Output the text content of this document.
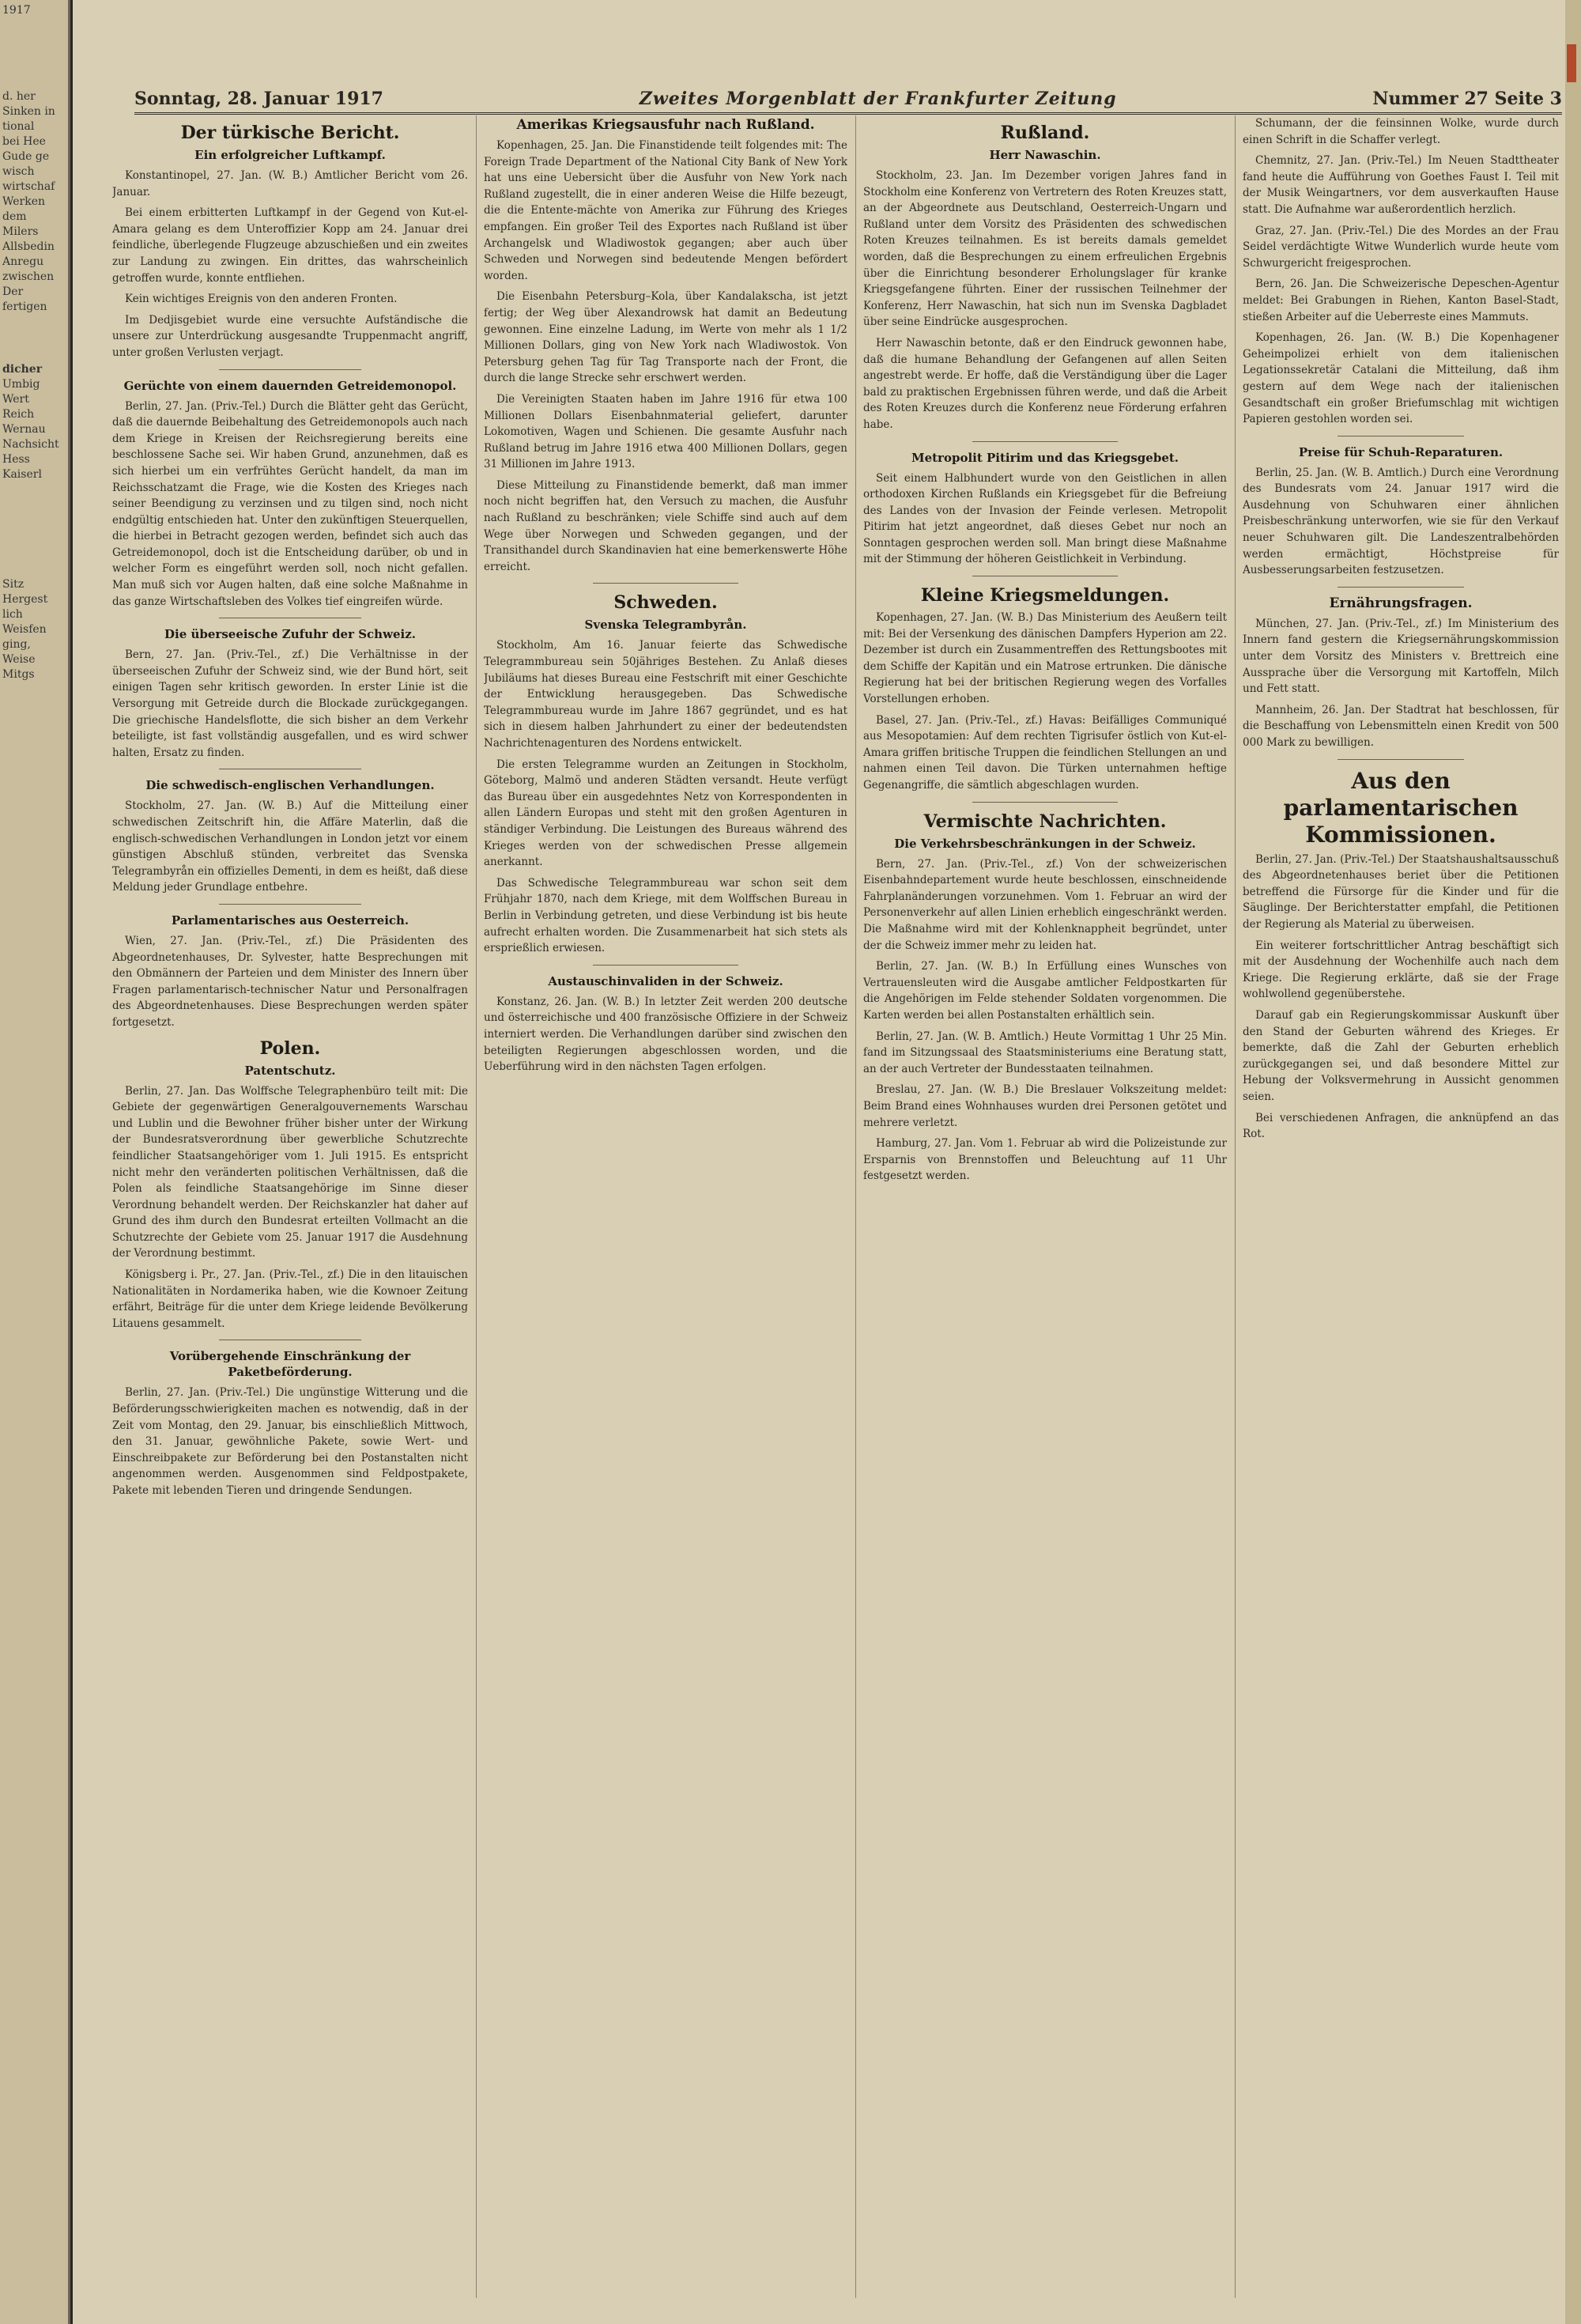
1917
d. her
Sinken in
tional
bei Hee
Gude ge
wisch
wirtschaf
Werken
dem
Milers
Allsbedin
Anregu
zwischen
Der
fertigen
dicher
Umbig
Wert
Reich
Wernau
Nachsicht
Hess
Kaiserl
Sitz
Hergest
lich
Weisfen
ging,
Weise
Mitgs
Sonntag, 28. Januar 1917	Zweites Morgenblatt der Frankfurter Zeitung	Nummer 27 Seite 3
Der türkische Bericht.
Ein erfolgreicher Luftkampf.

Konstantinopel, 27. Jan. (W. B.) Amtlicher Bericht vom 26. Januar.

Bei einem erbitterten Luftkampf in der Gegend von Kut-el-Amara gelang es dem Unteroffizier Kopp am 24. Januar drei feindliche, überlegende Flugzeuge abzuschießen und ein zweites zur Landung zu zwingen. Ein drittes, das wahrscheinlich getroffen wurde, konnte entfliehen.

Kein wichtiges Ereignis von den anderen Fronten.

Im Dedjisgebiet wurde eine versuchte Aufständische die unsere zur Unterdrückung ausgesandte Truppenmacht angriff, unter großen Verlusten verjagt.

Gerüchte von einem dauernden Getreidemonopol.

Berlin, 27. Jan. (Priv.-Tel.) Durch die Blätter geht das Gerücht, daß die dauernde Beibehaltung des Getreidemonopols auch nach dem Kriege in Kreisen der Reichsregierung bereits eine beschlossene Sache sei. Wir haben Grund, anzunehmen, daß es sich hierbei um ein verfrühtes Gerücht handelt, da man im Reichsschatzamt die Frage, wie die Kosten des Krieges nach seiner Beendigung zu verzinsen und zu tilgen sind, noch nicht endgültig entschieden hat. Unter den zukünftigen Steuerquellen, die hierbei in Betracht gezogen werden, befindet sich auch das Getreidemonopol, doch ist die Entscheidung darüber, ob und in welcher Form es eingeführt werden soll, noch nicht gefallen. Man muß sich vor Augen halten, daß eine solche Maßnahme in das ganze Wirtschaftsleben des Volkes tief eingreifen würde.

Die überseeische Zufuhr der Schweiz.

Bern, 27. Jan. (Priv.-Tel., zf.) Die Verhältnisse in der überseeischen Zufuhr der Schweiz sind, wie der Bund hört, seit einigen Tagen sehr kritisch geworden. In erster Linie ist die Versorgung mit Getreide durch die Blockade zurückgegangen. Die griechische Handelsflotte, die sich bisher an dem Verkehr beteiligte, ist fast vollständig ausgefallen, und es wird schwer halten, Ersatz zu finden.

Die schwedisch-englischen Verhandlungen.

Stockholm, 27. Jan. (W. B.) Auf die Mitteilung einer schwedischen Zeitschrift hin, die Affäre Materlin, daß die englisch-schwedischen Verhandlungen in London jetzt vor einem günstigen Abschluß stünden, verbreitet das Svenska Telegrambyrån ein offizielles Dementi, in dem es heißt, daß diese Meldung jeder Grundlage entbehre.

Parlamentarisches aus Oesterreich.

Wien, 27. Jan. (Priv.-Tel., zf.) Die Präsidenten des Abgeordnetenhauses, Dr. Sylvester, hatte Besprechungen mit den Obmännern der Parteien und dem Minister des Innern über Fragen parlamentarisch-technischer Natur und Personalfragen des Abgeordnetenhauses. Diese Besprechungen werden später fortgesetzt.

Polen.
Patentschutz.

Berlin, 27. Jan. Das Wolffsche Telegraphenbüro teilt mit: Die Gebiete der gegenwärtigen Generalgouvernements Warschau und Lublin und die Bewohner früher bisher unter der Wirkung der Bundesratsverordnung über gewerbliche Schutzrechte feindlicher Staatsangehöriger vom 1. Juli 1915. Es entspricht nicht mehr den veränderten politischen Verhältnissen, daß die Polen als feindliche Staatsangehörige im Sinne dieser Verordnung behandelt werden. Der Reichskanzler hat daher auf Grund des ihm durch den Bundesrat erteilten Vollmacht an die Schutzrechte der Gebiete vom 25. Januar 1917 die Ausdehnung der Verordnung bestimmt.

Königsberg i. Pr., 27. Jan. (Priv.-Tel., zf.) Die in den litauischen Nationalitäten in Nordamerika haben, wie die Kownoer Zeitung erfährt, Beiträge für die unter dem Kriege leidende Bevölkerung Litauens gesammelt.

Vorübergehende Einschränkung der Paketbeförderung.

Berlin, 27. Jan. (Priv.-Tel.) Die ungünstige Witterung und die Beförderungsschwierigkeiten machen es notwendig, daß in der Zeit vom Montag, den 29. Januar, bis einschließlich Mittwoch, den 31. Januar, gewöhnliche Pakete, sowie Wert- und Einschreibpakete zur Beförderung bei den Postanstalten nicht angenommen werden. Ausgenommen sind Feldpostpakete, Pakete mit lebenden Tieren und dringende Sendungen.

Amerikas Kriegsausfuhr nach Rußland.

Kopenhagen, 25. Jan. Die Finanstidende teilt folgendes mit: The Foreign Trade Department of the National City Bank of New York hat uns eine Uebersicht über die Ausfuhr von New York nach Rußland zugestellt, die in einer anderen Weise die Hilfe bezeugt, die die Entente-mächte von Amerika zur Führung des Krieges empfangen. Ein großer Teil des Exportes nach Rußland ist über Archangelsk und Wladiwostok gegangen; aber auch über Schweden und Norwegen sind bedeutende Mengen befördert worden.

Die Eisenbahn Petersburg–Kola, über Kandalakscha, ist jetzt fertig; der Weg über Alexandrowsk hat damit an Bedeutung gewonnen. Eine einzelne Ladung, im Werte von mehr als 1 1/2 Millionen Dollars, ging von New York nach Wladiwostok. Von Petersburg gehen Tag für Tag Transporte nach der Front, die durch die lange Strecke sehr erschwert werden.

Die Vereinigten Staaten haben im Jahre 1916 für etwa 100 Millionen Dollars Eisenbahnmaterial geliefert, darunter Lokomotiven, Wagen und Schienen. Die gesamte Ausfuhr nach Rußland betrug im Jahre 1916 etwa 400 Millionen Dollars, gegen 31 Millionen im Jahre 1913.

Diese Mitteilung zu Finanstidende bemerkt, daß man immer noch nicht begriffen hat, den Versuch zu machen, die Ausfuhr nach Rußland zu beschränken; viele Schiffe sind auch auf dem Wege über Norwegen und Schweden gegangen, und der Transithandel durch Skandinavien hat eine bemerkenswerte Höhe erreicht.

Schweden.
Svenska Telegrambyrån.

Stockholm, Am 16. Januar feierte das Schwedische Telegrammbureau sein 50jähriges Bestehen. Zu Anlaß dieses Jubiläums hat dieses Bureau eine Festschrift mit einer Geschichte der Entwicklung herausgegeben. Das Schwedische Telegrammbureau wurde im Jahre 1867 gegründet, und es hat sich in diesem halben Jahrhundert zu einer der bedeutendsten Nachrichtenagenturen des Nordens entwickelt.

Die ersten Telegramme wurden an Zeitungen in Stockholm, Göteborg, Malmö und anderen Städten versandt. Heute verfügt das Bureau über ein ausgedehntes Netz von Korrespondenten in allen Ländern Europas und steht mit den großen Agenturen in ständiger Verbindung. Die Leistungen des Bureaus während des Krieges werden von der schwedischen Presse allgemein anerkannt.

Das Schwedische Telegrammbureau war schon seit dem Frühjahr 1870, nach dem Kriege, mit dem Wolffschen Bureau in Berlin in Verbindung getreten, und diese Verbindung ist bis heute aufrecht erhalten worden. Die Zusammenarbeit hat sich stets als ersprießlich erwiesen.

Austauschinvaliden in der Schweiz.

Konstanz, 26. Jan. (W. B.) In letzter Zeit werden 200 deutsche und österreichische und 400 französische Offiziere in der Schweiz interniert werden. Die Verhandlungen darüber sind zwischen den beteiligten Regierungen abgeschlossen worden, und die Ueberführung wird in den nächsten Tagen erfolgen.

Rußland.
Herr Nawaschin.

Stockholm, 23. Jan. Im Dezember vorigen Jahres fand in Stockholm eine Konferenz von Vertretern des Roten Kreuzes statt, an der Abgeordnete aus Deutschland, Oesterreich-Ungarn und Rußland unter dem Vorsitz des Präsidenten des schwedischen Roten Kreuzes teilnahmen. Es ist bereits damals gemeldet worden, daß die Besprechungen zu einem erfreulichen Ergebnis über die Einrichtung besonderer Erholungslager für kranke Kriegsgefangene führten. Einer der russischen Teilnehmer der Konferenz, Herr Nawaschin, hat sich nun im Svenska Dagbladet über seine Eindrücke ausgesprochen.

Herr Nawaschin betonte, daß er den Eindruck gewonnen habe, daß die humane Behandlung der Gefangenen auf allen Seiten angestrebt werde. Er hoffe, daß die Verständigung über die Lager bald zu praktischen Ergebnissen führen werde, und daß die Arbeit des Roten Kreuzes durch die Konferenz neue Förderung erfahren habe.

Metropolit Pitirim und das Kriegsgebet.

Seit einem Halbhundert wurde von den Geistlichen in allen orthodoxen Kirchen Rußlands ein Kriegsgebet für die Befreiung des Landes von der Invasion der Feinde verlesen. Metropolit Pitirim hat jetzt angeordnet, daß dieses Gebet nur noch an Sonntagen gesprochen werden soll. Man bringt diese Maßnahme mit der Stimmung der höheren Geistlichkeit in Verbindung.

Kleine Kriegsmeldungen.

Kopenhagen, 27. Jan. (W. B.) Das Ministerium des Aeußern teilt mit: Bei der Versenkung des dänischen Dampfers Hyperion am 22. Dezember ist durch ein Zusammentreffen des Rettungsbootes mit dem Schiffe der Kapitän und ein Matrose ertrunken. Die dänische Regierung hat bei der britischen Regierung wegen des Vorfalles Vorstellungen erhoben.

Basel, 27. Jan. (Priv.-Tel., zf.) Havas: Beifälliges Communiqué aus Mesopotamien: Auf dem rechten Tigrisufer östlich von Kut-el-Amara griffen britische Truppen die feindlichen Stellungen an und nahmen einen Teil davon. Die Türken unternahmen heftige Gegenangriffe, die sämtlich abgeschlagen wurden.

Vermischte Nachrichten.
Die Verkehrsbeschränkungen in der Schweiz.

Bern, 27. Jan. (Priv.-Tel., zf.) Von der schweizerischen Eisenbahndepartement wurde heute beschlossen, einschneidende Fahrplanänderungen vorzunehmen. Vom 1. Februar an wird der Personenverkehr auf allen Linien erheblich eingeschränkt werden. Die Maßnahme wird mit der Kohlenknappheit begründet, unter der die Schweiz immer mehr zu leiden hat.

Berlin, 27. Jan. (W. B.) In Erfüllung eines Wunsches von Vertrauensleuten wird die Ausgabe amtlicher Feldpostkarten für die Angehörigen im Felde stehender Soldaten vorgenommen. Die Karten werden bei allen Postanstalten erhältlich sein.

Berlin, 27. Jan. (W. B. Amtlich.) Heute Vormittag 1 Uhr 25 Min. fand im Sitzungssaal des Staatsministeriums eine Beratung statt, an der auch Vertreter der Bundesstaaten teilnahmen.

Breslau, 27. Jan. (W. B.) Die Breslauer Volkszeitung meldet: Beim Brand eines Wohnhauses wurden drei Personen getötet und mehrere verletzt.

Hamburg, 27. Jan. Vom 1. Februar ab wird die Polizeistunde zur Ersparnis von Brennstoffen und Beleuchtung auf 11 Uhr festgesetzt werden.

Schumann, der die feinsinnen Wolke, wurde durch einen Schrift in die Schaffer verlegt.

Chemnitz, 27. Jan. (Priv.-Tel.) Im Neuen Stadttheater fand heute die Aufführung von Goethes Faust I. Teil mit der Musik Weingartners, vor dem ausverkauften Hause statt. Die Aufnahme war außerordentlich herzlich.

Graz, 27. Jan. (Priv.-Tel.) Die des Mordes an der Frau Seidel verdächtigte Witwe Wunderlich wurde heute vom Schwurgericht freigesprochen.

Bern, 26. Jan. Die Schweizerische Depeschen-Agentur meldet: Bei Grabungen in Riehen, Kanton Basel-Stadt, stießen Arbeiter auf die Ueberreste eines Mammuts.

Kopenhagen, 26. Jan. (W. B.) Die Kopenhagener Geheimpolizei erhielt von dem italienischen Legationssekretär Catalani die Mitteilung, daß ihm gestern auf dem Wege nach der italienischen Gesandtschaft ein großer Briefumschlag mit wichtigen Papieren gestohlen worden sei.

Preise für Schuh-Reparaturen.

Berlin, 25. Jan. (W. B. Amtlich.) Durch eine Verordnung des Bundesrats vom 24. Januar 1917 wird die Ausdehnung von Schuhwaren einer ähnlichen Preisbeschränkung unterworfen, wie sie für den Verkauf neuer Schuhwaren gilt. Die Landeszentralbehörden werden ermächtigt, Höchstpreise für Ausbesserungsarbeiten festzusetzen.

Ernährungsfragen.

München, 27. Jan. (Priv.-Tel., zf.) Im Ministerium des Innern fand gestern die Kriegsernährungskommission unter dem Vorsitz des Ministers v. Brettreich eine Aussprache über die Versorgung mit Kartoffeln, Milch und Fett statt.

Mannheim, 26. Jan. Der Stadtrat hat beschlossen, für die Beschaffung von Lebensmitteln einen Kredit von 500 000 Mark zu bewilligen.

Aus den parlamentarischen Kommissionen.

Berlin, 27. Jan. (Priv.-Tel.) Der Staatshaushaltsausschuß des Abgeordnetenhauses beriet über die Petitionen betreffend die Fürsorge für die Kinder und für die Säuglinge. Der Berichterstatter empfahl, die Petitionen der Regierung als Material zu überweisen.

Ein weiterer fortschrittlicher Antrag beschäftigt sich mit der Ausdehnung der Wochenhilfe auch nach dem Kriege. Die Regierung erklärte, daß sie der Frage wohlwollend gegenüberstehe.

Darauf gab ein Regierungskommissar Auskunft über den Stand der Geburten während des Krieges. Er bemerkte, daß die Zahl der Geburten erheblich zurückgegangen sei, und daß besondere Mittel zur Hebung der Volksvermehrung in Aussicht genommen seien.

Bei verschiedenen Anfragen, die anknüpfend an das Rot.
